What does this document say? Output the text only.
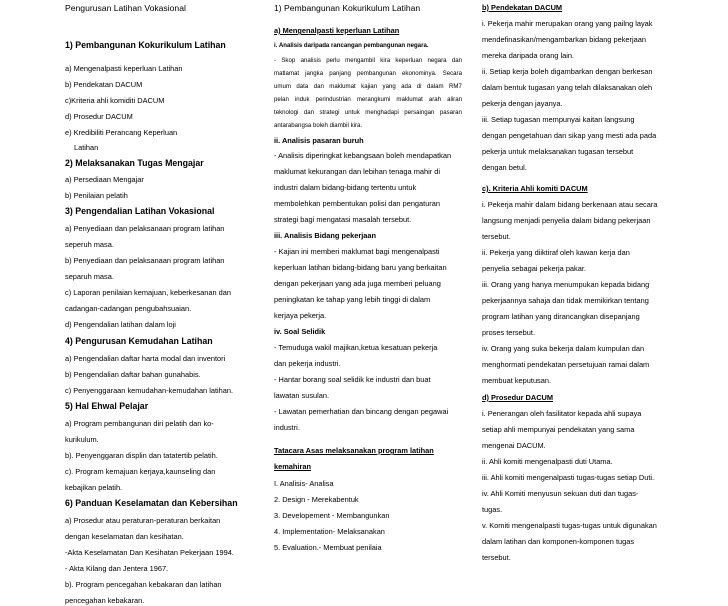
Pengurusan Latihan Vokasional
1) Pembangunan Kokurikulum Latihan
a) Mengenalpasti keperluan Latihan
b) Pendekatan DACUM
c)Kriteria ahli komiditi DACUM
d) Prosedur DACUM
e) Kredibiliti Perancang Keperluan
Latihan
2) Melaksanakan Tugas Mengajar
a) Persediaan Mengajar
b) Penilaian pelatih
3) Pengendalian Latihan Vokasional
a) Penyediaan dan pelaksanaan program latihan
seperuh masa.
b) Penyediaan dan pelaksanaan program latihan
separuh masa.
c) Laporan penilaian kemajuan, keberkesanan dan
cadangan-cadangan pengubahsuaian.
d) Pengendalian latihan dalam loji
4) Pengurusan Kemudahan Latihan
a) Pengendalian daftar harta modal dan inventori
b) Pengendalian daftar bahan gunahabis.
c) Penyenggaraan kemudahan-kemudahan latihan.
5) Hal Ehwal Pelajar
a) Program pembangunan diri pelatih dan ko-
kurikulum.
b). Penyenggaran displin dan tatatertib pelatih.
c). Program kemajuan kerjaya,kaunseling dan
kebajikan pelatih.
6) Panduan Keselamatan dan Kebersihan
a) Prosedur atau peraturan-peraturan berkaitan
dengan keselamatan dan kesihatan.
-Akta Keselamatan Dan Kesihatan Pekerjaan 1994.
- Akta Kilang dan Jentera 1967.
b). Program pencegahan kebakaran dan latihan
pencegahan kebakaran.
1) Pembangunan Kokurikulum Latihan
a) Mengenalpasti keperluan Latihan
i. Analisis daripada rancangan pembangunan negara.
- Skop analisis perlu mengambil kira keperluan negara dan
matlamat jangka panjang pembangunan ekonominya. Secara
umum data dan maklumat kajian yang ada di dalam RM7
pelan induk perindustrian merangkumi maklumat arah aliran
teknologi dan strategi untuk menghadapi persaingan pasaran
antarabangsa boleh diambil kira.
ii. Analisis pasaran buruh
- Analisis diperingkat kebangsaan boleh mendapatkan
maklumat kekurangan dan lebihan tenaga mahir di
industri dalam bidang-bidang tertentu untuk
membolehkan pembentukan polisi dan pengaturan
strategi bagi mengatasi masalah tersebut.
iii. Analisis Bidang pekerjaan
- Kajian ini memberi maklumat bagi mengenalpasti
keperluan latihan bidang-bidang baru yang berkaitan
dengan pekerjaan yang ada juga memberi peluang
peningkatan ke tahap yang lebih tinggi di dalam
kerjaya pekerja.
iv. Soal Selidik
- Temuduga wakil majikan,ketua kesatuan pekerja
dan pekerja industri.
- Hantar borang soal selidik ke industri dan buat
lawatan susulan.
- Lawatan pemerhatian dan bincang dengan pegawai
industri.
Tatacara Asas melaksanakan program latihan
kemahiran
I. Analisis- Analisa
2. Design - Merekabentuk
3. Developement - Membangunkan
4. Implementation- Melaksanakan
5. Evaluation.- Membuat penilaia
b) Pendekatan DACUM
i. Pekerja mahir merupakan orang yang pailng layak
mendefinasikan/mengambarkan bidang pekerjaan
mereka daripada orang lain.
ii. Setiap kerja boleh digambarkan dengan berkesan
dalam bentuk tugasan yang telah dilaksanakan oleh
pekerja dengan jayanya.
iii. Setiap tugasan mempunyai kaitan langsung
dengan pengetahuan dan sikap yang mesti ada pada
pekerja untuk melaksanakan tugasan tersebut
dengan betul.
c). Kriteria Ahli komiti DACUM
i. Pekerja mahir dalam bidang berkenaan atau secara
langsung menjadi penyelia dalam bidang pekerjaan
tersebut.
ii. Pekerja yang diiktiraf oleh kawan kerja dan
penyelia sebagai pekerja pakar.
iii. Orang yang hanya menumpukan kepada bidang
pekerjaannya sahaja dan tidak memikirkan tentang
program latihan yang dirancangkan disepanjang
proses tersebut.
iv. Orang yang suka bekerja dalam kumpulan dan
menghormati pendekatan persetujuan ramai dalam
membuat keputusan.
d) Prosedur DACUM
i. Penerangan oleh fasilitator kepada ahli supaya
setiap ahli mempunyai pendekatan yang sama
mengenai DACUM.
ii. Ahli komiti mengenalpasti duti Utama.
iii. Ahli komiti mengenalpasti tugas-tugas setiap Duti.
iv. Ahli Komiti menyusun sekuan duti dan tugas-
tugas.
v. Komiti mengenalpasti tugas-tugas untuk digunakan
dalam latihan dan komponen-komponen tugas
tersebut.
